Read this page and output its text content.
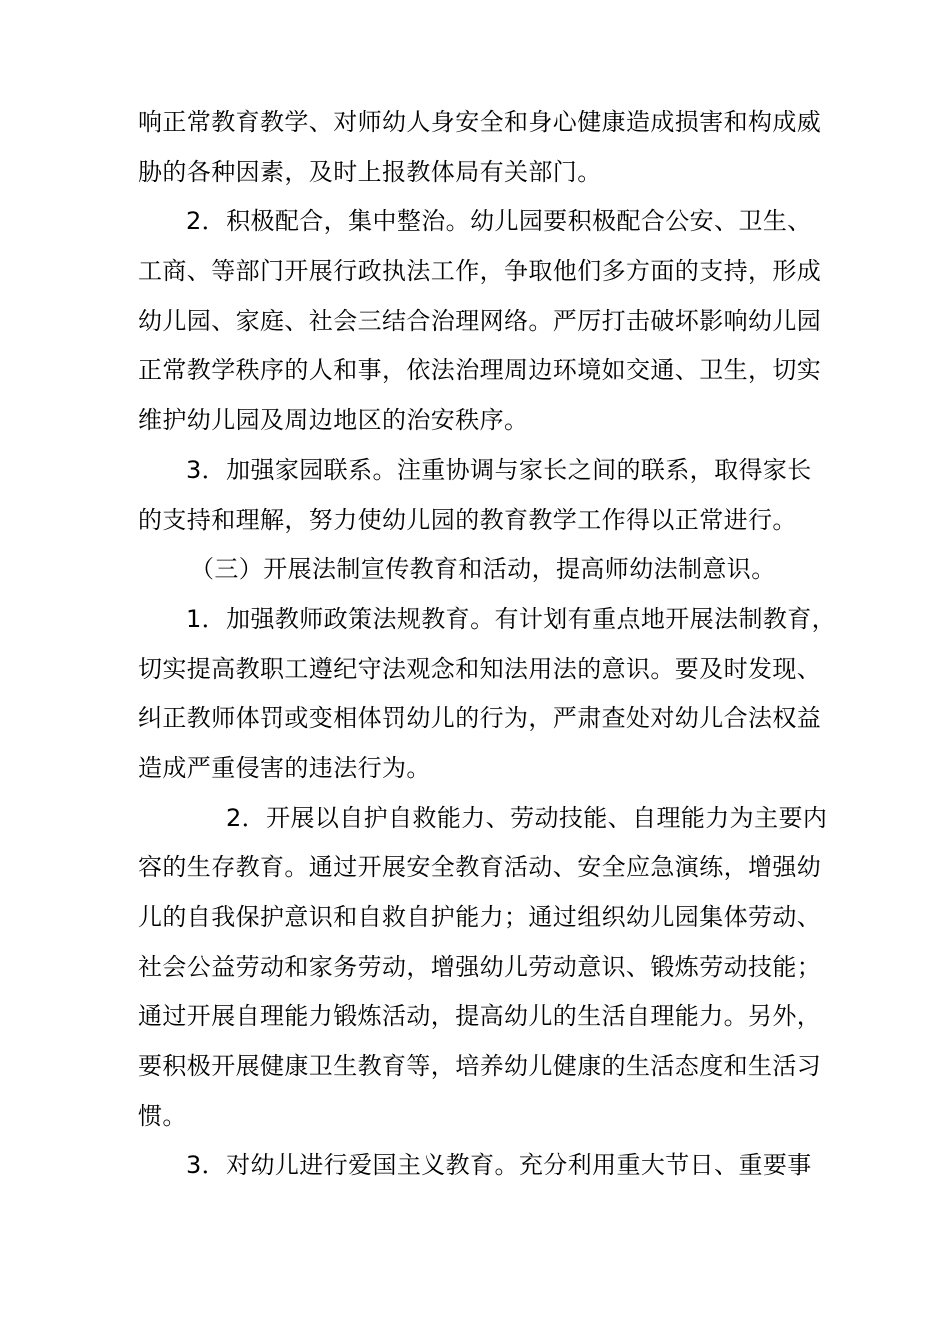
响正常教育教学、对师幼人身安全和身心健康造成损害和构成威
胁的各种因素，及时上报教体局有关部门。
2．积极配合，集中整治。幼儿园要积极配合公安、卫生、
工商、等部门开展行政执法工作，争取他们多方面的支持，形成
幼儿园、家庭、社会三结合治理网络。严厉打击破坏影响幼儿园
正常教学秩序的人和事，依法治理周边环境如交通、卫生，切实
维护幼儿园及周边地区的治安秩序。
3．加强家园联系。注重协调与家长之间的联系，取得家长
的支持和理解，努力使幼儿园的教育教学工作得以正常进行。
（三）开展法制宣传教育和活动，提高师幼法制意识。
1．加强教师政策法规教育。有计划有重点地开展法制教育，
切实提高教职工遵纪守法观念和知法用法的意识。要及时发现、
纠正教师体罚或变相体罚幼儿的行为，严肃查处对幼儿合法权益
造成严重侵害的违法行为。
2．开展以自护自救能力、劳动技能、自理能力为主要内
容的生存教育。通过开展安全教育活动、安全应急演练，增强幼
儿的自我保护意识和自救自护能力；通过组织幼儿园集体劳动、
社会公益劳动和家务劳动，增强幼儿劳动意识、锻炼劳动技能；
通过开展自理能力锻炼活动，提高幼儿的生活自理能力。另外，
要积极开展健康卫生教育等，培养幼儿健康的生活态度和生活习
惯。
3．对幼儿进行爱国主义教育。充分利用重大节日、重要事
